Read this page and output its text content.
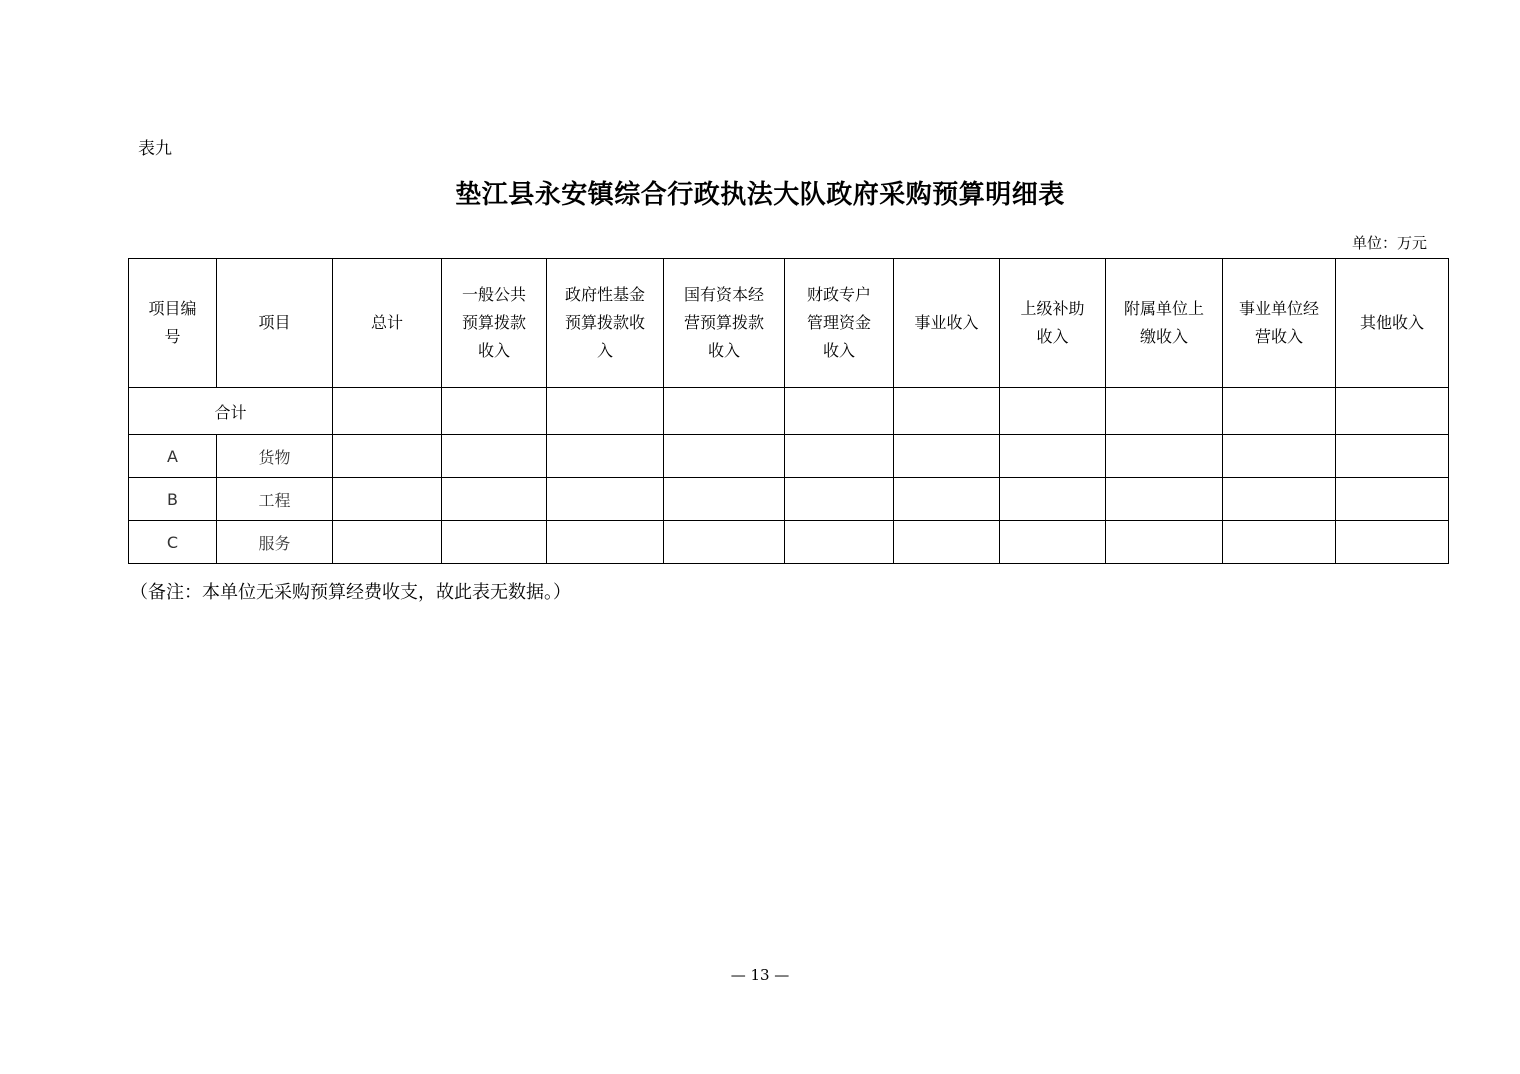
表九
垫江县永安镇综合行政执法大队政府采购预算明细表
单位：万元
项目编号	项目	总计	一般公共预算拨款收入	政府性基金预算拨款收入	国有资本经营预算拨款收入	财政专户管理资金收入	事业收入	上级补助收入	附属单位上缴收入	事业单位经营收入	其他收入
合计											
A	货物										
B	工程										
C	服务										
（备注：本单位无采购预算经费收支，故此表无数据。）
— 13 —
